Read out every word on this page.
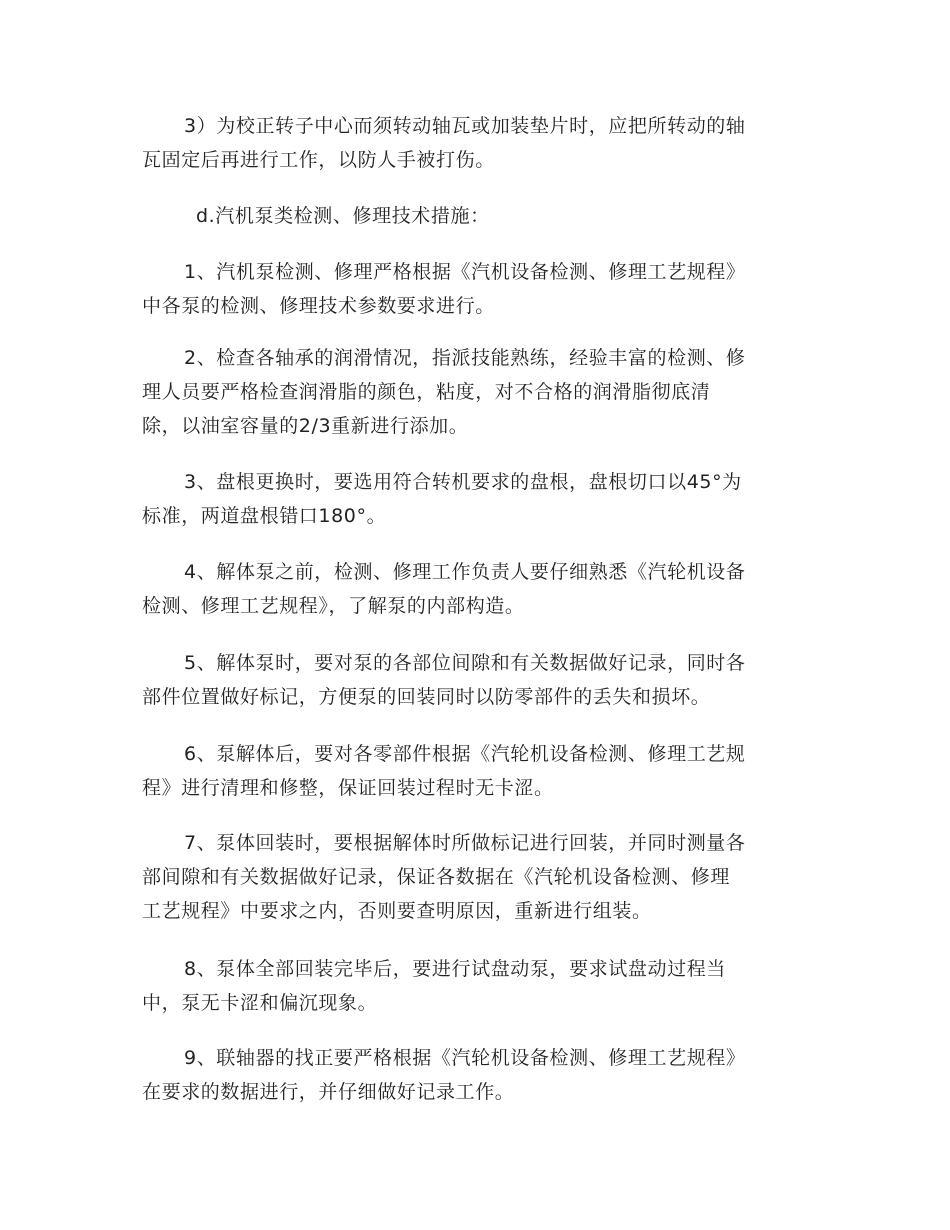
3）为校正转子中心而须转动轴瓦或加装垫片时，应把所转动的轴
瓦固定后再进行工作，以防人手被打伤。
d.汽机泵类检测、修理技术措施：
1、汽机泵检测、修理严格根据《汽机设备检测、修理工艺规程》
中各泵的检测、修理技术参数要求进行。
2、检查各轴承的润滑情况，指派技能熟练，经验丰富的检测、修
理人员要严格检查润滑脂的颜色，粘度，对不合格的润滑脂彻底清
除，以油室容量的2/3重新进行添加。
3、盘根更换时，要选用符合转机要求的盘根，盘根切口以45°为
标准，两道盘根错口180°。
4、解体泵之前，检测、修理工作负责人要仔细熟悉《汽轮机设备
检测、修理工艺规程》，了解泵的内部构造。
5、解体泵时，要对泵的各部位间隙和有关数据做好记录，同时各
部件位置做好标记，方便泵的回装同时以防零部件的丢失和损坏。
6、泵解体后，要对各零部件根据《汽轮机设备检测、修理工艺规
程》进行清理和修整，保证回装过程时无卡涩。
7、泵体回装时，要根据解体时所做标记进行回装，并同时测量各
部间隙和有关数据做好记录，保证各数据在《汽轮机设备检测、修理
工艺规程》中要求之内，否则要查明原因，重新进行组装。
8、泵体全部回装完毕后，要进行试盘动泵，要求试盘动过程当
中，泵无卡涩和偏沉现象。
9、联轴器的找正要严格根据《汽轮机设备检测、修理工艺规程》
在要求的数据进行，并仔细做好记录工作。
